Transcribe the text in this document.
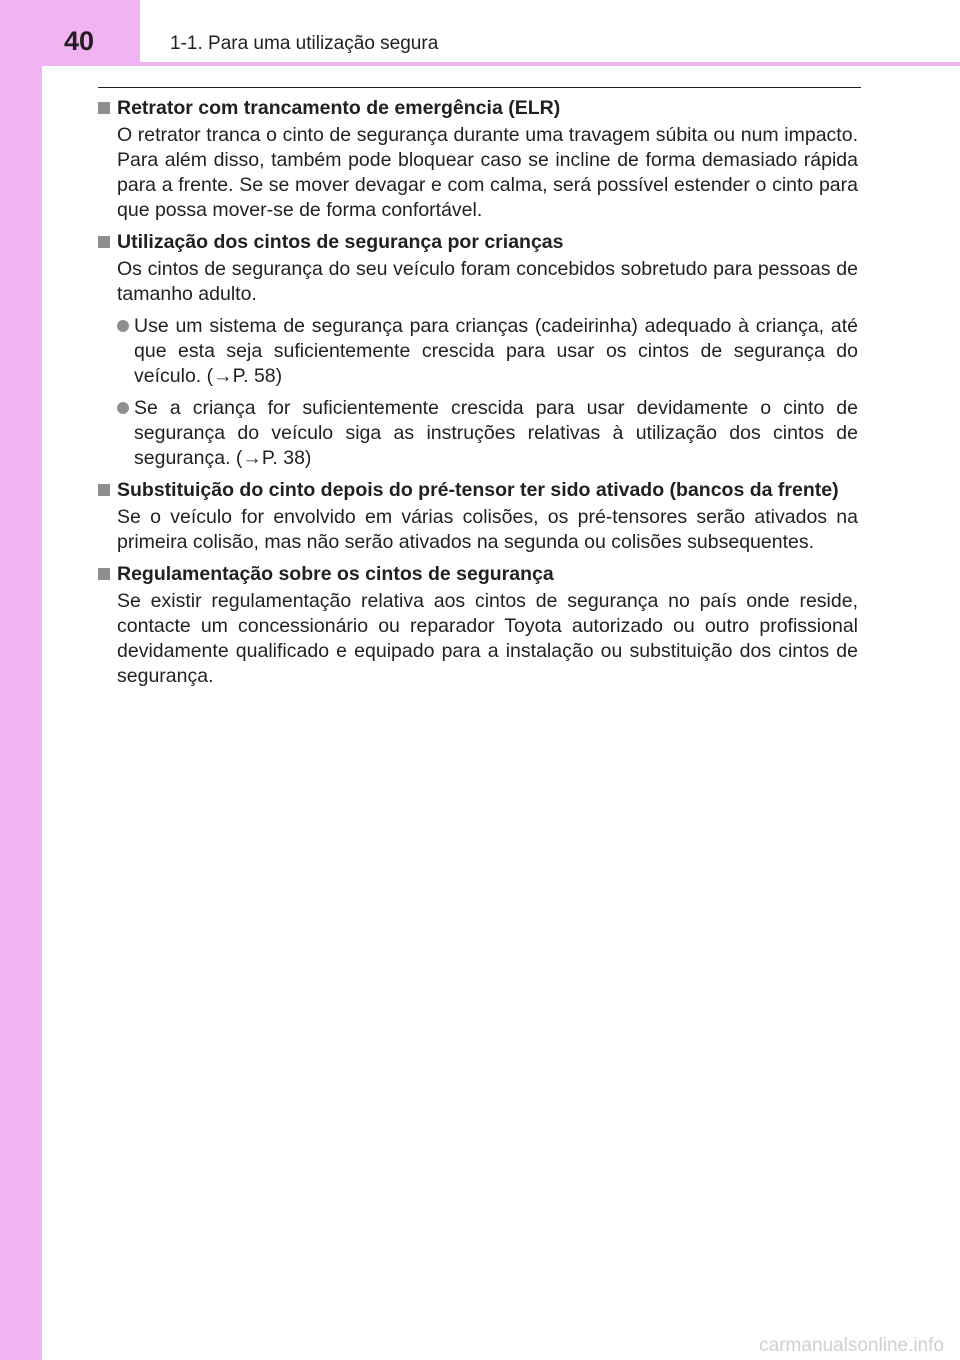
40	1-1. Para uma utilização segura
Retrator com trancamento de emergência (ELR)
O retrator tranca o cinto de segurança durante uma travagem súbita ou num impacto. Para além disso, também pode bloquear caso se incline de forma demasiado rápida para a frente. Se se mover devagar e com calma, será possível estender o cinto para que possa mover-se de forma confortável.
Utilização dos cintos de segurança por crianças
Os cintos de segurança do seu veículo foram concebidos sobretudo para pessoas de tamanho adulto.
Use um sistema de segurança para crianças (cadeirinha) adequado à criança, até que esta seja suficientemente crescida para usar os cintos de segurança do veículo. (→P. 58)
Se a criança for suficientemente crescida para usar devidamente o cinto de segurança do veículo siga as instruções relativas à utilização dos cintos de segurança. (→P. 38)
Substituição do cinto depois do pré-tensor ter sido ativado (bancos da frente)
Se o veículo for envolvido em várias colisões, os pré-tensores serão ativados na primeira colisão, mas não serão ativados na segunda ou colisões subsequentes.
Regulamentação sobre os cintos de segurança
Se existir regulamentação relativa aos cintos de segurança no país onde reside, contacte um concessionário ou reparador Toyota autorizado ou outro profissional devidamente qualificado e equipado para a instalação ou substituição dos cintos de segurança.
carmanualsonline.info
